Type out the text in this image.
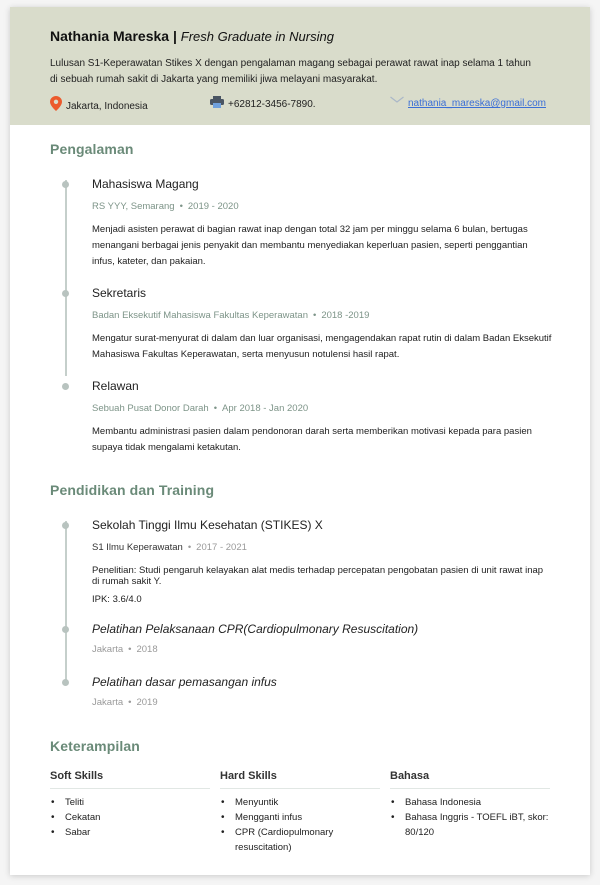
Nathania Mareska | Fresh Graduate in Nursing

Lulusan S1-Keperawatan Stikes X dengan pengalaman magang sebagai perawat rawat inap selama 1 tahun di sebuah rumah sakit di Jakarta yang memiliki jiwa melayani masyarakat.

Jakarta, Indonesia	+62812-3456-7890.	nathania_mareska@gmail.com
Pengalaman
Mahasiswa Magang
RS YYY, Semarang • 2019 - 2020

Menjadi asisten perawat di bagian rawat inap dengan total 32 jam per minggu selama 6 bulan, bertugas menangani berbagai jenis penyakit dan membantu menyediakan keperluan pasien, seperti penggantian infus, kateter, dan pakaian.

Sekretaris
Badan Eksekutif Mahasiswa Fakultas Keperawatan • 2018 -2019

Mengatur surat-menyurat di dalam dan luar organisasi, mengagendakan rapat rutin di dalam Badan Eksekutif Mahasiswa Fakultas Keperawatan, serta menyusun notulensi hasil rapat.

Relawan
Sebuah Pusat Donor Darah • Apr 2018 - Jan 2020

Membantu administrasi pasien dalam pendonoran darah serta memberikan motivasi kepada para pasien supaya tidak mengalami ketakutan.

Pendidikan dan Training
Sekolah Tinggi Ilmu Kesehatan (STIKES) X
S1 Ilmu Keperawatan • 2017 - 2021

Penelitian: Studi pengaruh kelayakan alat medis terhadap percepatan pengobatan pasien di unit rawat inap di rumah sakit Y.

IPK: 3.6/4.0

Pelatihan Pelaksanaan CPR(Cardiopulmonary Resuscitation)
Jakarta • 2018
Pelatihan dasar pemasangan infus
Jakarta • 2019
Keterampilan
Soft Skills
• Teliti
• Cekatan
• Sabar
Hard Skills
• Menyuntik
• Mengganti infus
• CPR (Cardiopulmonary resuscitation)
Bahasa
• Bahasa Indonesia
• Bahasa Inggris - TOEFL iBT, skor: 80/120
